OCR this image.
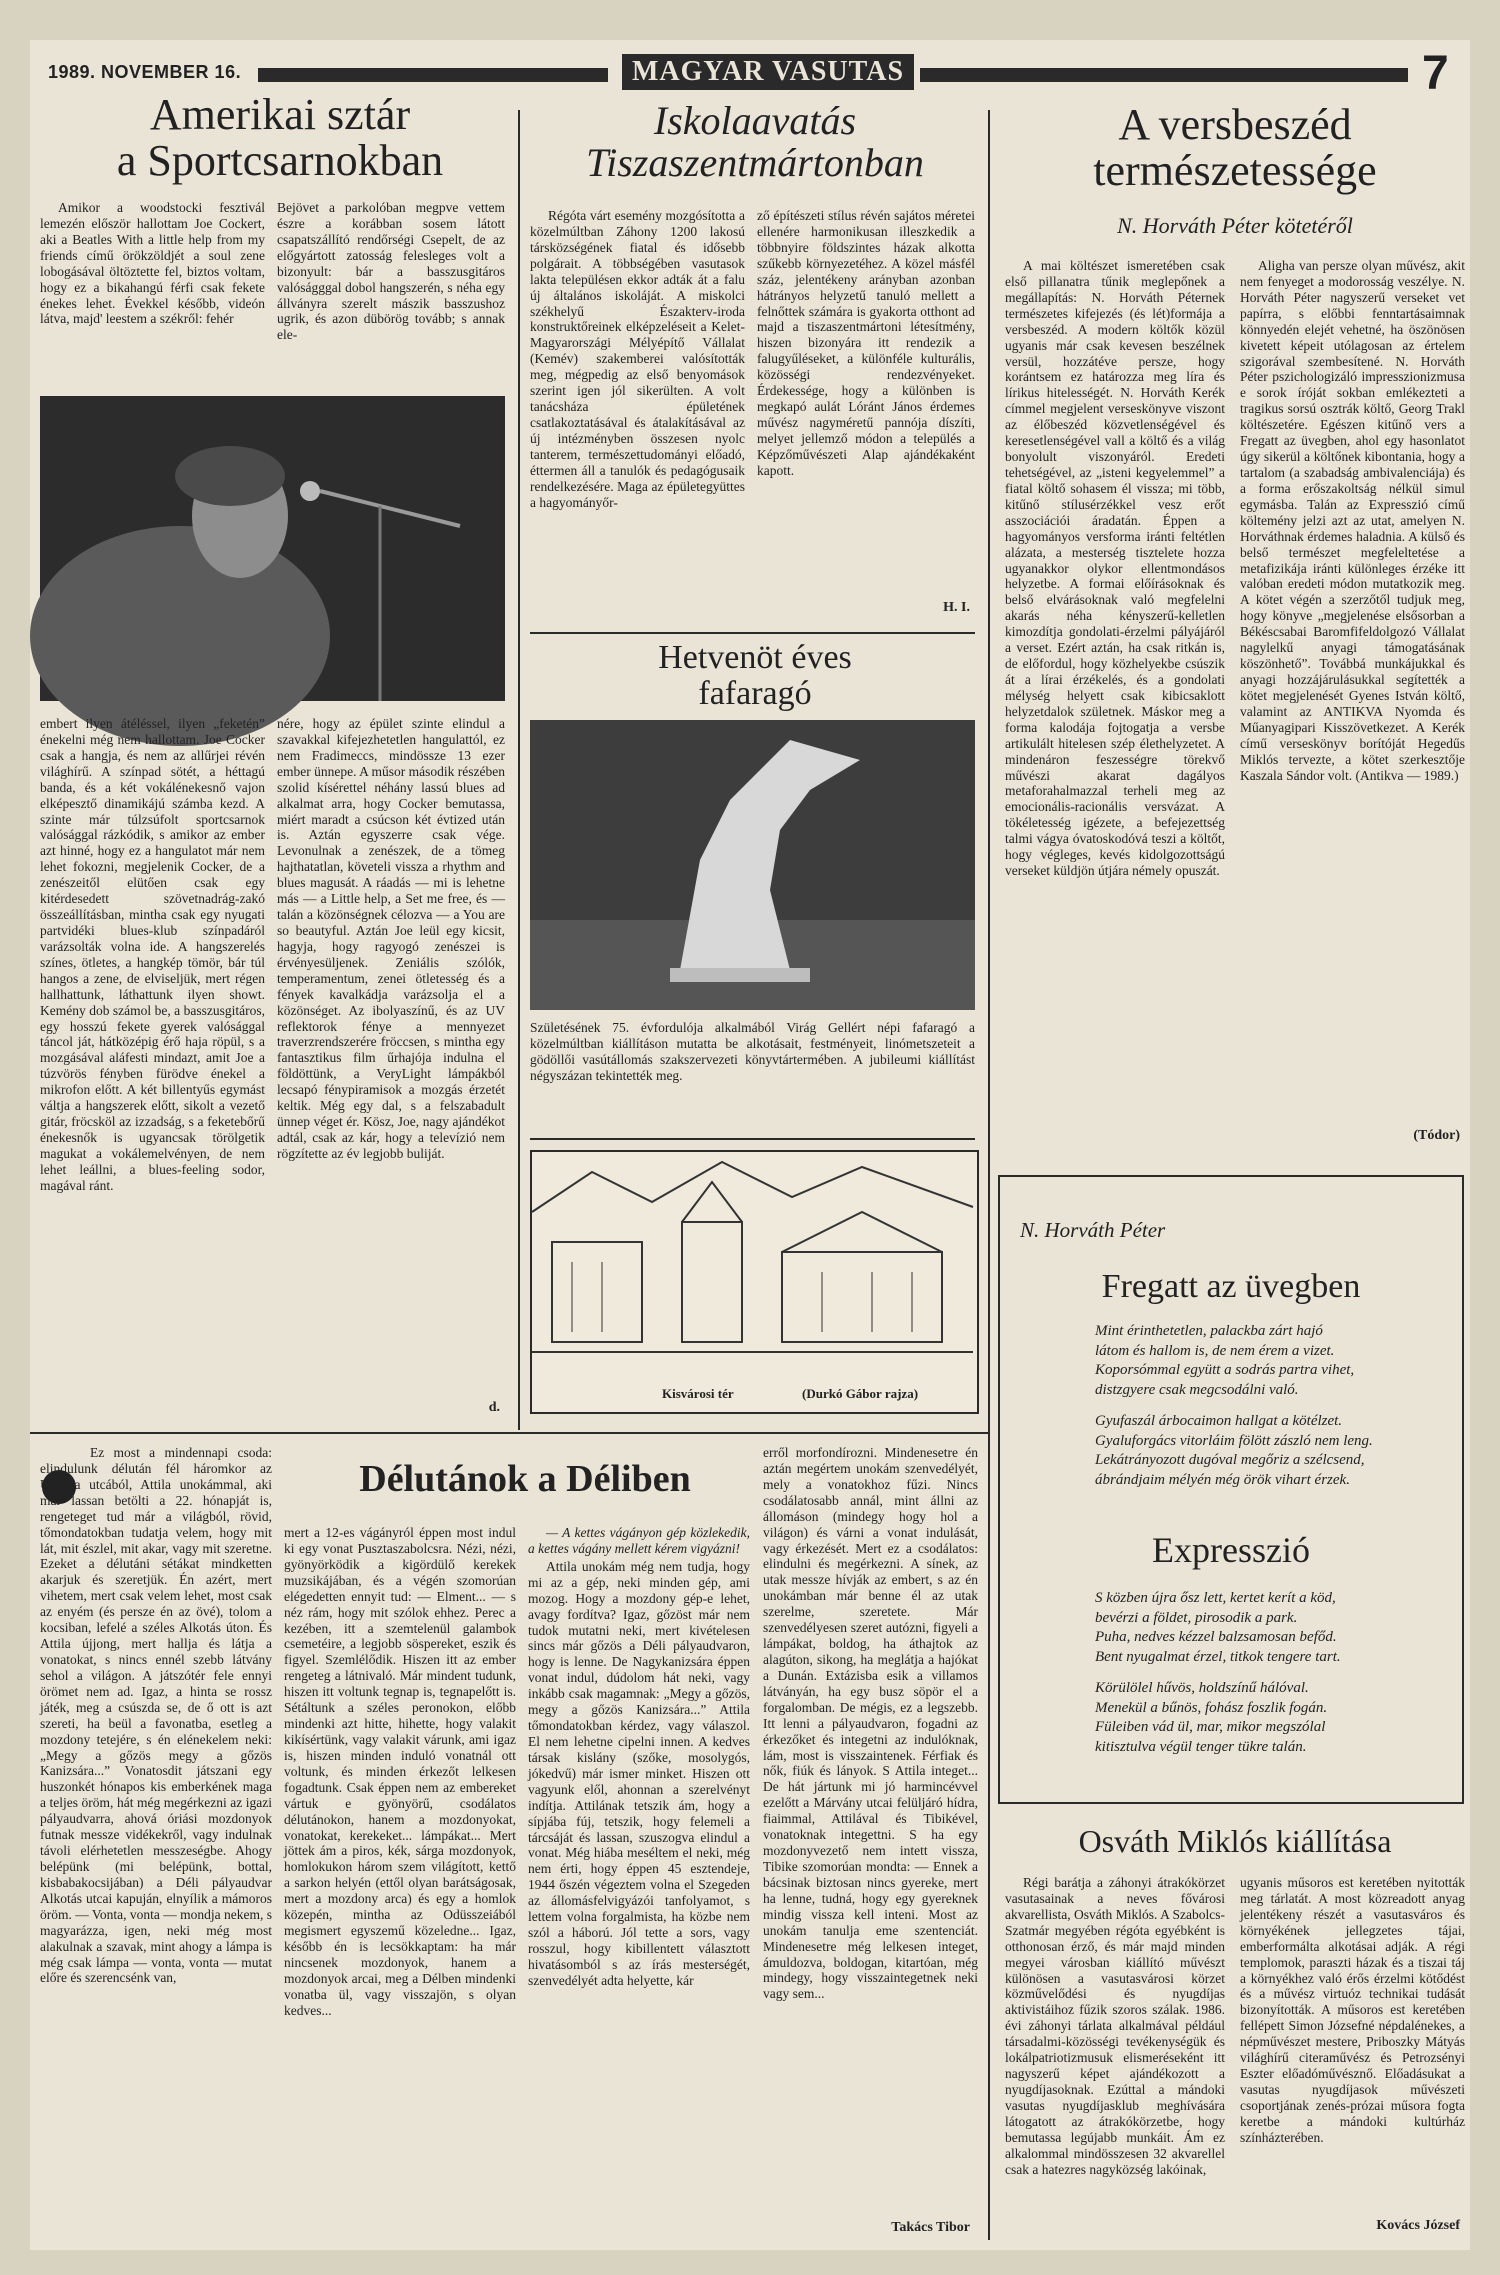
1989. NOVEMBER 16.	MAGYAR VASUTAS	7
Amerikai sztár
a Sportcsarnokban

Amikor a woodstocki fesztivál lemezén először hallottam Joe Cockert, aki a Beatles With a little help from my friends című örökzöldjét a soul zene lobogásával öltöztette fel, biztos voltam, hogy ez a bikahangú férfi csak fekete énekes lehet. Évekkel később, videón látva, majd' leestem a székről: fehér

Bejövet a parkolóban megpve vettem észre a korábban sosem látott csapatszállító rendőrségi Csepelt, de az előgyártott zatosság felesleges volt a bizonyult: bár a basszusgitáros valóságggal dobol hangszerén, s néha egy állványra szerelt mászik basszushoz ugrik, és azon dübörög tovább; s annak ele-

embert ilyen átéléssel, ilyen „feketén” énekelni még nem hallottam. Joe Cocker csak a hangja, és nem az allűrjei révén világhírű. A színpad sötét, a héttagú banda, és a két vokálénekesnő vajon elképesztő dinamikájú számba kezd. A szinte már túlzsúfolt sportcsarnok valósággal rázkódik, s amikor az ember azt hinné, hogy ez a hangulatot már nem lehet fokozni, megjelenik Cocker, de a zenészeitől elütően csak egy kitérdesedett szövetnadrág-zakó összeállításban, mintha csak egy nyugati partvidéki blues-klub színpadáról varázsolták volna ide. A hangszerelés színes, ötletes, a hangkép tömör, bár túl hangos a zene, de elviseljük, mert régen hallhattunk, láthattunk ilyen showt. Kemény dob számol be, a basszusgitáros, egy hosszú fekete gyerek valósággal táncol ját, hátközépig érő haja röpül, s a mozgásával aláfesti mindazt, amit Joe a túzvörös fényben fürödve énekel a mikrofon előtt. A két billentyűs egymást váltja a hangszerek előtt, sikolt a vezető gitár, fröcsköl az izzadság, s a feketebőrű énekesnők is ugyancsak törölgetik magukat a vokálemelvényen, de nem lehet leállni, a blues-feeling sodor, magával ránt.

nére, hogy az épület szinte elindul a szavakkal kifejezhetetlen hangulattól, ez nem Fradimeccs, mindössze 13 ezer ember ünnepe. A műsor második részében szolid kísérettel néhány lassú blues ad alkalmat arra, hogy Cocker bemutassa, miért maradt a csúcson két évtized után is. Aztán egyszerre csak vége. Levonulnak a zenészek, de a tömeg hajthatatlan, követeli vissza a rhythm and blues magusát. A ráadás — mi is lehetne más — a Little help, a Set me free, és — talán a közönségnek célozva — a You are so beautyful. Aztán Joe leül egy kicsit, hagyja, hogy ragyogó zenészei is érvényesüljenek. Zeniális szólók, temperamentum, zenei ötletesség és a fények kavalkádja varázsolja el a közönséget. Az ibolyaszínű, és az UV reflektorok fénye a mennyezet traverzrendszerére fröccsen, s mintha egy fantasztikus film űrhajója indulna el földöttünk, a VeryLight lámpákból lecsapó fénypiramisok a mozgás érzetét keltik. Még egy dal, s a felszabadult ünnep véget ér. Kösz, Joe, nagy ajándékot adtál, csak az kár, hogy a televízió nem rögzítette az év legjobb buliját.

d.
Iskolaavatás
Tiszaszentmártonban

Régóta várt esemény mozgósította a közelmúltban Záhony 1200 lakosú társközségének fiatal és idősebb polgárait. A többségében vasutasok lakta településen ekkor adták át a falu új általános iskoláját. A miskolci székhelyű Északterv-iroda konstruktőreinek elképzeléseit a Kelet-Magyarországi Mélyépítő Vállalat (Kemév) szakemberei valósították meg, mégpedig az első benyomások szerint igen jól sikerülten. A volt tanácsháza épületének csatlakoztatásával és átalakításával az új intézményben összesen nyolc tanterem, természettudományi előadó, éttermen áll a tanulók és pedagógusaik rendelkezésére. Maga az épületegyüttes a hagyományőr-

ző építészeti stílus révén sajátos méretei ellenére harmonikusan illeszkedik a többnyire földszintes házak alkotta szűkebb környezetéhez. A közel másfél száz, jelentékeny arányban azonban hátrányos helyzetű tanuló mellett a felnőttek számára is gyakorta otthont ad majd a tiszaszentmártoni létesítmény, hiszen bizonyára itt rendezik a falugyűléseket, a különféle kulturális, közösségi rendezvényeket. Érdekessége, hogy a különben is megkapó aulát Lóránt János érdemes művész nagyméretű pannója díszíti, melyet jellemző módon a település a Képzőművészeti Alap ajándékaként kapott.

H. I.
Hetvenöt éves
fafaragó
Születésének 75. évfordulója alkalmából Virág Gellért népi fafaragó a közelmúltban kiállításon mutatta be alkotásait, festményeit, linómetszeteit a gödöllői vasútállomás szakszervezeti könyvtártermében. A jubileumi kiállítást négyszázan tekintették meg.
Kisvárosi tér	(Durkó Gábor rajza)
A versbeszéd
természetessége
N. Horváth Péter kötetéről

A mai költészet ismeretében csak első pillanatra tűnik meglepőnek a megállapítás: N. Horváth Péternek természetes kifejezés (és lét)formája a versbeszéd. A modern költők közül ugyanis már csak kevesen beszélnek versül, hozzátéve persze, hogy korántsem ez határozza meg líra és lírikus hitelességét. N. Horváth Kerék címmel megjelent verseskönyve viszont az élőbeszéd közvetlenségével és keresetlenségével vall a költő és a világ bonyolult viszonyáról. Eredeti tehetségével, az „isteni kegyelemmel” a fiatal költő sohasem él vissza; mi több, kitűnő stílusérzékkel vesz erőt asszociációi áradatán. Éppen a hagyományos versforma iránti feltétlen alázata, a mesterség tisztelete hozza ugyanakkor olykor ellentmondásos helyzetbe. A formai előírásoknak és belső elvárásoknak való megfelelni akarás néha kényszerű-kelletlen kimozdítja gondolati-érzelmi pályájáról a verset. Ezért aztán, ha csak ritkán is, de előfordul, hogy közhelyekbe csúszik át a lírai érzékelés, és a gondolati mélység helyett csak kibicsaklott helyzetdalok születnek. Máskor meg a forma kalodája fojtogatja a versbe artikulált hitelesen szép élethelyzetet. A mindenáron feszességre törekvő művészi akarat dagályos metaforahalmazzal terheli meg az emocionális-racionális versvázat. A tökéletesség igézete, a befejezettség talmi vágya óvatoskodóvá teszi a költőt, hogy végleges, kevés kidolgozottságú verseket küldjön útjára némely opuszát.

Aligha van persze olyan művész, akit nem fenyeget a modorosság veszélye. N. Horváth Péter nagyszerű verseket vet papírra, s előbbi fenntartásaimnak könnyedén elejét vehetné, ha öszönösen kivetett képeit utólagosan az értelem szigorával szembesítené. N. Horváth Péter pszichologizáló impresszionizmusa e sorok íróját sokban emlékezteti a tragikus sorsú osztrák költő, Georg Trakl költészetére. Egészen kitűnő vers a Fregatt az üvegben, ahol egy hasonlatot úgy sikerül a költőnek kibontania, hogy a tartalom (a szabadság ambivalenciája) és a forma erőszakoltság nélkül simul egymásba. Talán az Expresszió című költemény jelzi azt az utat, amelyen N. Horváthnak érdemes haladnia. A külső és belső természet megfeleltetése a metafizikája iránti különleges érzéke itt valóban eredeti módon mutatkozik meg. A kötet végén a szerzőtől tudjuk meg, hogy könyve „megjelenése elsősorban a Békéscsabai Baromfifeldolgozó Vállalat nagylelkű anyagi támogatásának köszönhető”. Továbbá munkájukkal és anyagi hozzájárulásukkal segítették a kötet megjelenését Gyenes István költő, valamint az ANTIKVA Nyomda és Műanyagipari Kisszövetkezet. A Kerék című verseskönyv borítóját Hegedűs Miklós tervezte, a kötet szerkesztője Kaszala Sándor volt. (Antikva — 1989.)

(Tódor)
N. Horváth Péter
Fregatt az üvegben
Mint érinthetetlen, palackba zárt hajó
látom és hallom is, de nem érem a vizet.
Koporsómmal együtt a sodrás partra vihet,
distzgyere csak megcsodálni való.
Gyufaszál árbocaimon hallgat a kötélzet.
Gyaluforgács vitorláim fölött zászló nem leng.
Lekátrányozott dugóval megőriz a szélcsend,
ábrándjaim mélyén még örök vihart érzek.
Expresszió
S közben újra ősz lett, kertet kerít a köd,
bevérzi a földet, pirosodik a park.
Puha, nedves kézzel balzsamosan befőd.
Bent nyugalmat érzel, titkok tengere tart.
Körülölel hűvös, holdszínű hálóval.
Menekül a bűnös, fohász foszlik fogán.
Füleiben vád ül, mar, mikor megszólal
kitisztulva végül tenger tükre talán.
Osváth Miklós kiállítása

Régi barátja a záhonyi átrakókörzet vasutasainak a neves fővárosi akvarellista, Osváth Miklós. A Szabolcs-Szatmár megyében régóta egyébként is otthonosan érző, és már majd minden megyei városban kiállító művészt különösen a vasutasvárosi körzet közművelődési és nyugdíjas aktivistáihoz fűzik szoros szálak. 1986. évi záhonyi tárlata alkalmával például társadalmi-közösségi tevékenységük és lokálpatriotizmusuk elismeréseként itt nagyszerű képet ajándékozott a nyugdíjasoknak. Ezúttal a mándoki vasutas nyugdíjasklub meghívására látogatott az átrakókörzetbe, hogy bemutassa legújabb munkáit. Ám ez alkalommal mindösszesen 32 akvarellel csak a hatezres nagyközség lakóinak,

ugyanis műsoros est keretében nyitották meg tárlatát. A most közreadott anyag jelentékeny részét a vasutasváros és környékének jellegzetes tájai, emberformálta alkotásai adják. A régi templomok, paraszti házak és a tiszai táj a környékhez való érős érzelmi kötődést és a művész virtuóz technikai tudását bizonyították. A műsoros est keretében fellépett Simon Józsefné népdalénekes, a népművészet mestere, Priboszky Mátyás világhírű citeraművész és Petrozsényi Eszter előadóművésznő. Előadásukat a vasutas nyugdíjasok művészeti csoportjának zenés-prózai műsora fogta keretbe a mándoki kultúrház színházterében.

Kovács József
Délutánok a Déliben

Ez most a mindennapi csoda: elindulunk délután fél háromkor az Ugocsa utcából, Attila unokámmal, aki már lassan betölti a 22. hónapját is, rengeteget tud már a világból, rövid, tőmondatokban tudatja velem, hogy mit lát, mit észlel, mit akar, vagy mit szeretne. Ezeket a délutáni sétákat mindketten akarjuk és szeretjük. Én azért, mert vihetem, mert csak velem lehet, most csak az enyém (és persze én az övé), tolom a kocsiban, lefelé a széles Alkotás úton. És Attila újjong, mert hallja és látja a vonatokat, s nincs ennél szebb látvány sehol a világon. A játszótér fele ennyi örömet nem ad. Igaz, a hinta se rossz játék, meg a csúszda se, de ő ott is azt szereti, ha beül a favonatba, esetleg a mozdony tetejére, s én elénekelem neki: „Megy a gőzös megy a gőzös Kanizsára...” Vonatosdit játszani egy huszonkét hónapos kis emberkének maga a teljes öröm, hát még megérkezni az igazi pályaudvarra, ahová óriási mozdonyok futnak messze vidékekről, vagy indulnak távoli elérhetetlen messzeségbe. Ahogy belépünk (mi belépünk, bottal, kisbabakocsijában) a Déli pályaudvar Alkotás utcai kapuján, elnyílik a mámoros öröm. — Vonta, vonta — mondja nekem, s magyarázza, igen, neki még most alakulnak a szavak, mint ahogy a lámpa is még csak lámpa — vonta, vonta — mutat előre és szerencsénk van,

mert a 12-es vágányról éppen most indul ki egy vonat Pusztaszabolcsra. Nézi, nézi, gyönyörködik a kigördülő kerekek muzsikájában, és a végén szomorúan elégedetten ennyit tud: — Elment... — s néz rám, hogy mit szólok ehhez. Perec a kezében, itt a szemtelenül galambok csemetéire, a legjobb söspereket, eszik és figyel. Szemlélődik. Hiszen itt az ember rengeteg a látnivaló. Már mindent tudunk, hiszen itt voltunk tegnap is, tegnapelőtt is. Sétáltunk a széles peronokon, előbb mindenki azt hitte, hihette, hogy valakit kikísértünk, vagy valakit várunk, ami igaz is, hiszen minden induló vonatnál ott voltunk, és minden érkezőt lelkesen fogadtunk. Csak éppen nem az embereket vártuk e gyönyörű, csodálatos délutánokon, hanem a mozdonyokat, vonatokat, kerekeket... lámpákat... Mert jöttek ám a piros, kék, sárga mozdonyok, homlokukon három szem világított, kettő a sarkon helyén (ettől olyan barátságosak, mert a mozdony arca) és egy a homlok közepén, mintha az Odüsszeiából megismert egyszemű közeledne... Igaz, később én is lecsökkaptam: ha már nincsenek mozdonyok, hanem a mozdonyok arcai, meg a Délben mindenki vonatba ül, vagy visszajön, s olyan kedves...

— A kettes vágányon gép közlekedik, a kettes vágány mellett kérem vigyázni!

Attila unokám még nem tudja, hogy mi az a gép, neki minden gép, ami mozog. Hogy a mozdony gép-e lehet, avagy fordítva? Igaz, gőzöst már nem tudok mutatni neki, mert kivételesen sincs már gőzös a Déli pályaudvaron, hogy is lenne. De Nagykanizsára éppen vonat indul, dúdolom hát neki, vagy inkább csak magamnak: „Megy a gőzös, megy a gőzös Kanizsára...” Attila tőmondatokban kérdez, vagy válaszol. El nem lehetne cipelni innen. A kedves társak kislány (szőke, mosolygós, jókedvű) már ismer minket. Hiszen ott vagyunk elől, ahonnan a szerelvényt indítja. Attilának tetszik ám, hogy a sípjába fúj, tetszik, hogy felemeli a tárcsáját és lassan, szuszogva elindul a vonat. Még hiába meséltem el neki, még nem érti, hogy éppen 45 esztendeje, 1944 őszén végeztem volna el Szegeden az állomásfelvigyázói tanfolyamot, s lettem volna forgalmista, ha közbe nem szól a háború. Jól tette a sors, vagy rosszul, hogy kibillentett választott hivatásomból s az írás mesterségét, szenvedélyét adta helyette, kár

erről morfondírozni. Mindenesetre én aztán megértem unokám szenvedélyét, mely a vonatokhoz fűzi. Nincs csodálatosabb annál, mint állni az állomáson (mindegy hogy hol a világon) és várni a vonat indulását, vagy érkezését. Mert ez a csodálatos: elindulni és megérkezni. A sínek, az utak messze hívják az embert, s az én unokámban már benne él az utak szerelme, szeretete. Már szenvedélyesen szeret autózni, figyeli a lámpákat, boldog, ha áthajtok az alagúton, sikong, ha meglátja a hajókat a Dunán. Extázisba esik a villamos látványán, ha egy busz söpör el a forgalomban. De mégis, ez a legszebb. Itt lenni a pályaudvaron, fogadni az érkezőket és integetni az indulóknak, lám, most is visszaintenek. Férfiak és nők, fiúk és lányok. S Attila integet... De hát jártunk mi jó harmincévvel ezelőtt a Márvány utcai felüljáró hídra, fiaimmal, Attilával és Tibikével, vonatoknak integettni. S ha egy mozdonyvezető nem intett vissza, Tibike szomorúan mondta: — Ennek a bácsinak biztosan nincs gyereke, mert ha lenne, tudná, hogy egy gyereknek mindig vissza kell inteni. Most az unokám tanulja eme szentenciát. Mindenesetre még lelkesen integet, ámuldozva, boldogan, kitartóan, még mindegy, hogy visszaintegetnek neki vagy sem...

Takács Tibor
